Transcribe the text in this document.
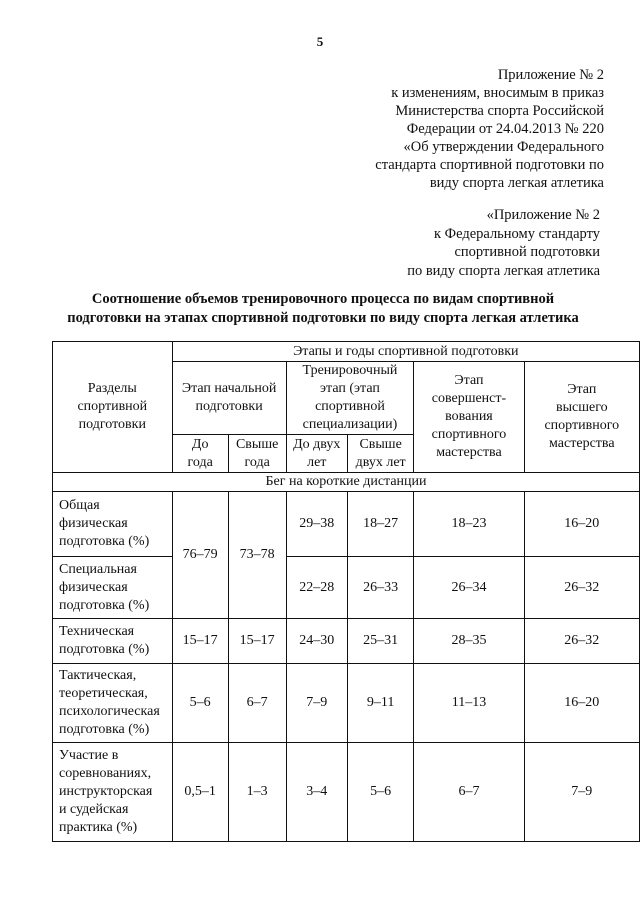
5
Приложение № 2
к изменениям, вносимым в приказ
Министерства спорта Российской
Федерации от 24.04.2013 № 220
«Об утверждении Федерального
стандарта спортивной подготовки по
виду спорта легкая атлетика
«Приложение № 2
к Федеральному стандарту
спортивной подготовки
по виду спорта легкая атлетика
Соотношение объемов тренировочного процесса по видам спортивной
подготовки на этапах спортивной подготовки по виду спорта легкая атлетика
Разделы
спортивной
подготовки	Этапы и годы спортивной подготовки					

	Этап начальной
подготовки		Тренировочный
этап (этап
спортивной
специализации)		Этап
совершенст-
вования
спортивного
мастерства	Этап
высшего
спортивного
мастерства

	До
года	Свыше
года	До двух
лет	Свыше
двух лет		

Бег на короткие дистанции						

Общая
физическая
подготовка (%)	76–79	73–78	29–38	18–27	18–23	16–20

Специальная
физическая
подготовка (%)			22–28	26–33	26–34	26–32

Техническая
подготовка (%)	15–17	15–17	24–30	25–31	28–35	26–32

Тактическая,
теоретическая,
психологическая
подготовка (%)	5–6	6–7	7–9	9–11	11–13	16–20

Участие в
соревнованиях,
инструкторская
и судейская
практика (%)	0,5–1	1–3	3–4	5–6	6–7	7–9
